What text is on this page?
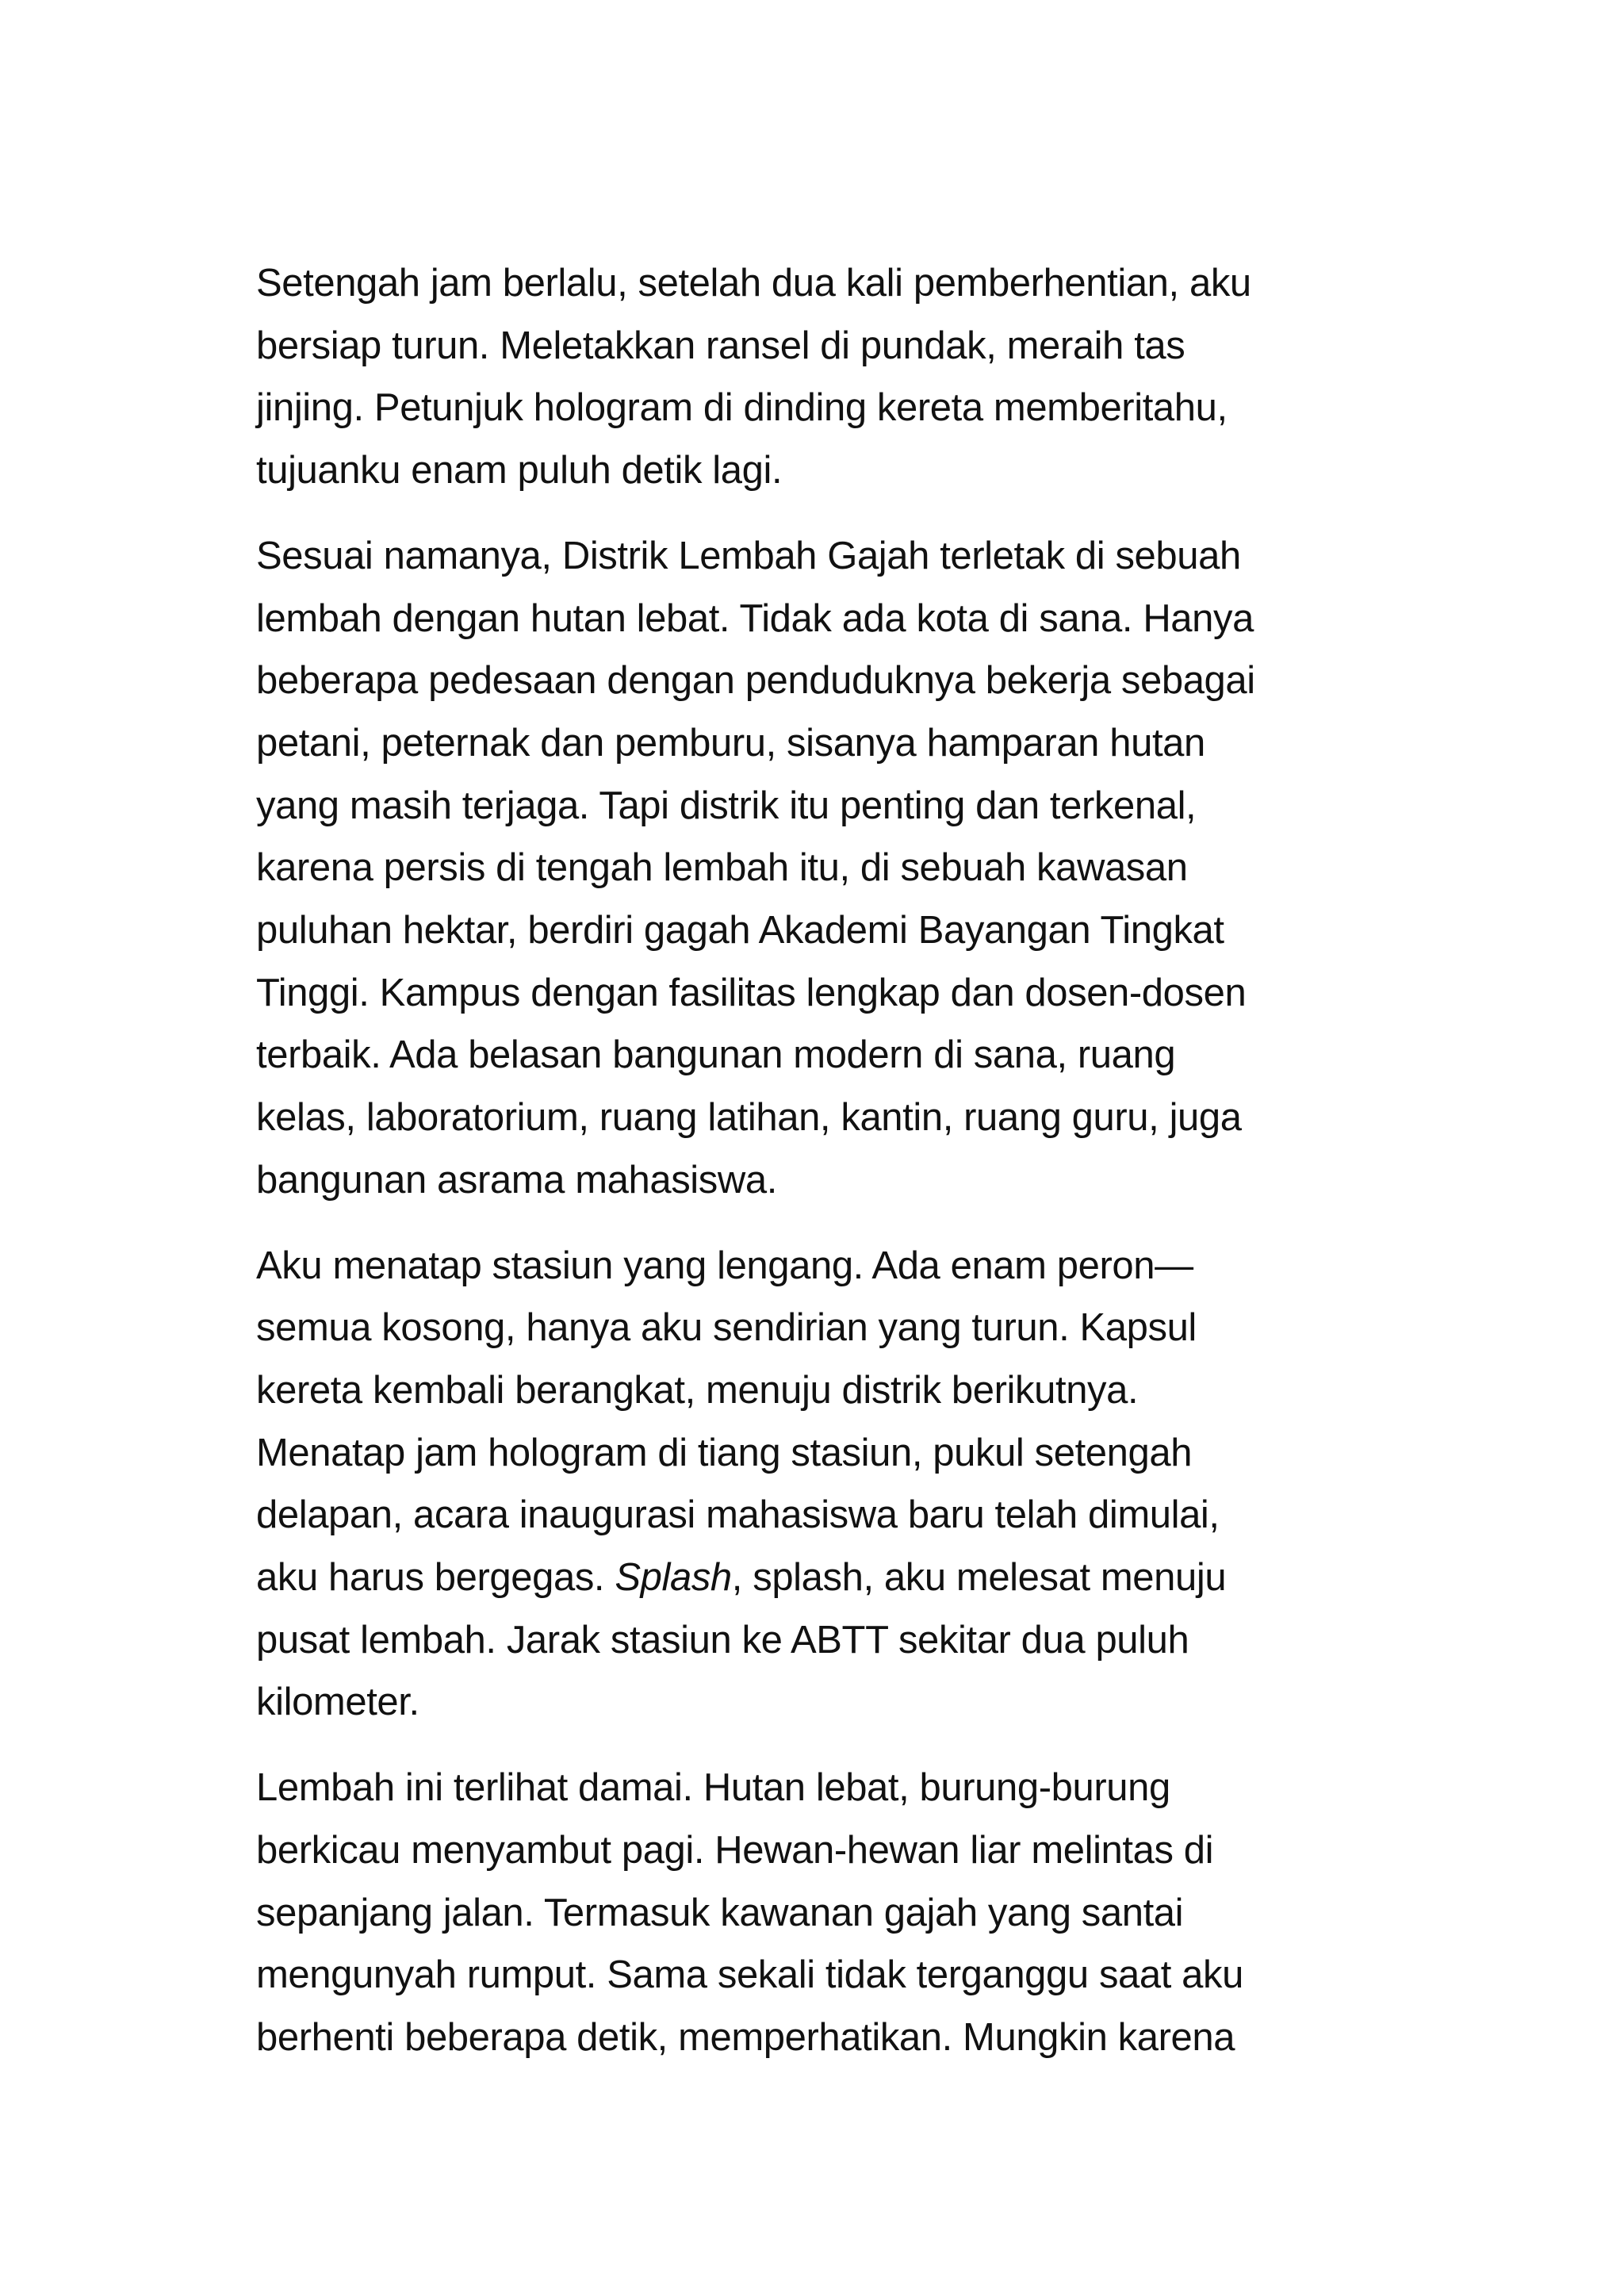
Setengah jam berlalu, setelah dua kali pemberhentian, aku
bersiap turun. Meletakkan ransel di pundak, meraih tas
jinjing. Petunjuk hologram di dinding kereta memberitahu,
tujuanku enam puluh detik lagi.

Sesuai namanya, Distrik Lembah Gajah terletak di sebuah
lembah dengan hutan lebat. Tidak ada kota di sana. Hanya
beberapa pedesaan dengan penduduknya bekerja sebagai
petani, peternak dan pemburu, sisanya hamparan hutan
yang masih terjaga. Tapi distrik itu penting dan terkenal,
karena persis di tengah lembah itu, di sebuah kawasan
puluhan hektar, berdiri gagah Akademi Bayangan Tingkat
Tinggi. Kampus dengan fasilitas lengkap dan dosen-dosen
terbaik. Ada belasan bangunan modern di sana, ruang
kelas, laboratorium, ruang latihan, kantin, ruang guru, juga
bangunan asrama mahasiswa.

Aku menatap stasiun yang lengang. Ada enam peron—
semua kosong, hanya aku sendirian yang turun. Kapsul
kereta kembali berangkat, menuju distrik berikutnya.
Menatap jam hologram di tiang stasiun, pukul setengah
delapan, acara inaugurasi mahasiswa baru telah dimulai,
aku harus bergegas. Splash, splash, aku melesat menuju
pusat lembah. Jarak stasiun ke ABTT sekitar dua puluh
kilometer.

Lembah ini terlihat damai. Hutan lebat, burung-burung
berkicau menyambut pagi. Hewan-hewan liar melintas di
sepanjang jalan. Termasuk kawanan gajah yang santai
mengunyah rumput. Sama sekali tidak terganggu saat aku
berhenti beberapa detik, memperhatikan. Mungkin karena
